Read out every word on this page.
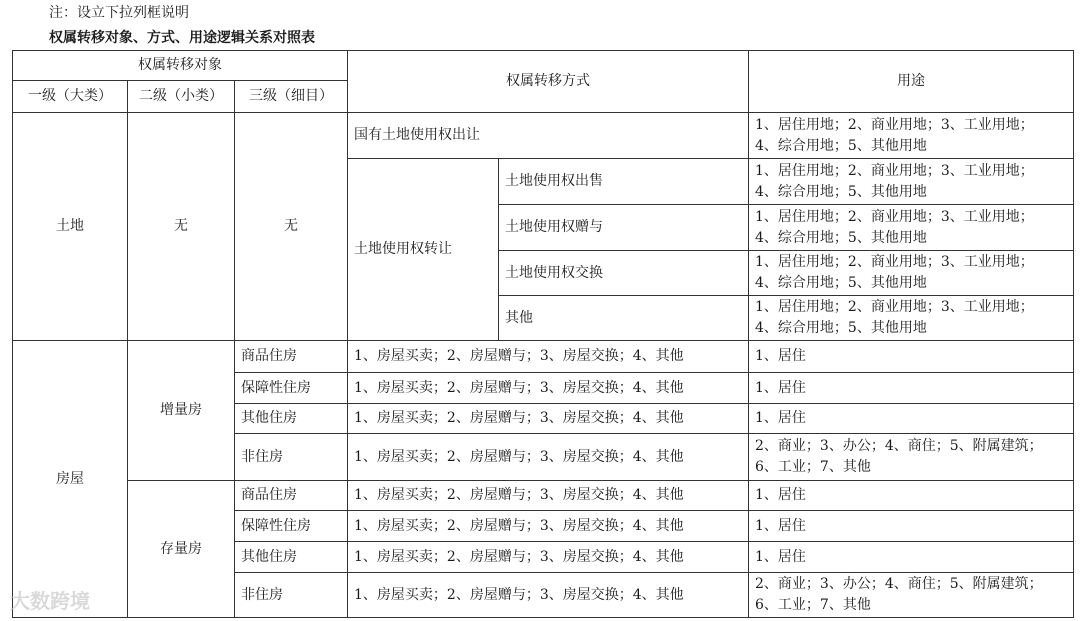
注：设立下拉列框说明
权属转移对象、方式、用途逻辑关系对照表
权属转移对象			权属转移方式		用途
一级（大类）	二级（小类）	三级（细目）			
土地	无	无	国有土地使用权出让		1、居住用地；2、商业用地；3、工业用地；
4、综合用地；5、其他用地

			土地使用权转让	土地使用权出售	1、居住用地；2、商业用地；3、工业用地；
4、综合用地；5、其他用地

				土地使用权赠与	1、居住用地；2、商业用地；3、工业用地；
4、综合用地；5、其他用地

				土地使用权交换	1、居住用地；2、商业用地；3、工业用地；
4、综合用地；5、其他用地

				其他	1、居住用地；2、商业用地；3、工业用地；
4、综合用地；5、其他用地

房屋	增量房	商品住房	1、房屋买卖；2、房屋赠与；3、房屋交换；4、其他		1、居住
		保障性住房	1、房屋买卖；2、房屋赠与；3、房屋交换；4、其他		1、居住
		其他住房	1、房屋买卖；2、房屋赠与；3、房屋交换；4、其他		1、居住
		非住房	1、房屋买卖；2、房屋赠与；3、房屋交换；4、其他		2、商业；3、办公；4、商住；5、附属建筑；
6、工业；7、其他

	存量房	商品住房	1、房屋买卖；2、房屋赠与；3、房屋交换；4、其他		1、居住
		保障性住房	1、房屋买卖；2、房屋赠与；3、房屋交换；4、其他		1、居住
		其他住房	1、房屋买卖；2、房屋赠与；3、房屋交换；4、其他		1、居住
		非住房	1、房屋买卖；2、房屋赠与；3、房屋交换；4、其他		2、商业；3、办公；4、商住；5、附属建筑；
6、工业；7、其他
大数跨境
